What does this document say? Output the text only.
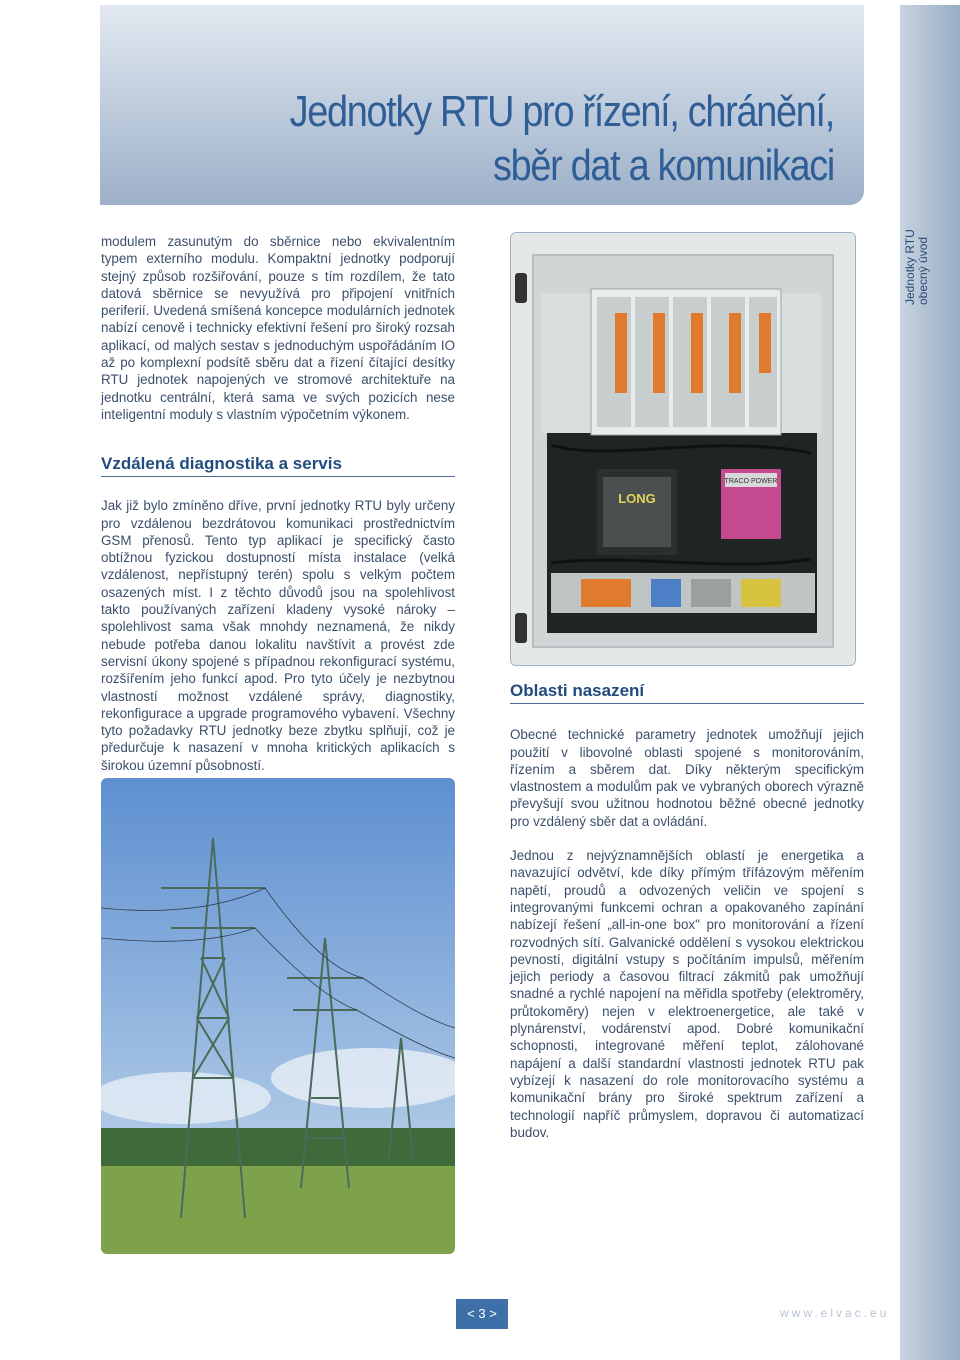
Jednotky RTU obecný úvod
Jednotky RTU pro řízení, chránění,
sběr dat a komunikaci
modulem zasunutým do sběrnice nebo ekvivalentním typem externího modulu. Kompaktní jednotky podporují stejný způsob rozšiřování, pouze s tím rozdílem, že tato datová sběrnice se nevyužívá pro připojení vnitřních periferií. Uvedená smíšená koncepce modulárních jednotek nabízí cenově i technicky efektivní řešení pro široký rozsah aplikací, od malých sestav s jednoduchým uspořádáním IO až po komplexní podsítě sběru dat a řízení čítající desítky RTU jednotek napojených ve stromové architektuře na jednotku centrální, která sama ve svých pozicích nese inteligentní moduly s vlastním výpočetním výkonem.
Vzdálená diagnostika a servis
Jak již bylo zmíněno dříve, první jednotky RTU byly určeny pro vzdálenou bezdrátovou komunikaci prostřednictvím GSM přenosů. Tento typ aplikací je specifický často obtížnou fyzickou dostupností místa instalace (velká vzdálenost, nepřístupný terén) spolu s velkým počtem osazených míst. I z těchto důvodů jsou na spolehlivost takto používaných zařízení kladeny vysoké nároky – spolehlivost sama však mnohdy neznamená, že nikdy nebude potřeba danou lokalitu navštívit a provést zde servisní úkony spojené s případnou rekonfigurací systému, rozšířením jeho funkcí apod. Pro tyto účely je nezbytnou vlastností možnost vzdálené správy, diagnostiky, rekonfigurace a upgrade programového vybavení. Všechny tyto požadavky RTU jednotky beze zbytku splňují, což je předurčuje k nasazení v mnoha kritických aplikacích s širokou územní působností.
LONG
TRACO POWER
Oblasti nasazení
Obecné technické parametry jednotek umožňují jejich použití v libovolné oblasti spojené s monitorováním, řízením a sběrem dat. Díky některým specifickým vlastnostem a modulům pak ve vybraných oborech výrazně převyšují svou užitnou hodnotou běžné obecné jednotky pro vzdálený sběr dat a ovládání.
Jednou z nejvýznamnějších oblastí je energetika a navazující odvětví, kde díky přímým třífázovým měřením napětí, proudů a odvozených veličin ve spojení s integrovanými funkcemi ochran a opakovaného zapínání nabízejí řešení „all-in-one box" pro monitorování a řízení rozvodných sítí. Galvanické oddělení s vysokou elektrickou pevností, digitální vstupy s počítáním impulsů, měřením jejich periody a časovou filtrací zákmitů pak umožňují snadné a rychlé napojení na měřidla spotřeby (elektroměry, průtokoměry) nejen v elektroenergetice, ale také v plynárenství, vodárenství apod. Dobré komunikační schopnosti, integrované měření teplot, zálohované napájení a další standardní vlastnosti jednotek RTU pak vybízejí k nasazení do role monitorovacího systému a komunikační brány pro široké spektrum zařízení a technologií napříč průmyslem, dopravou či automatizací budov.
< 3 >	www.elvac.eu
